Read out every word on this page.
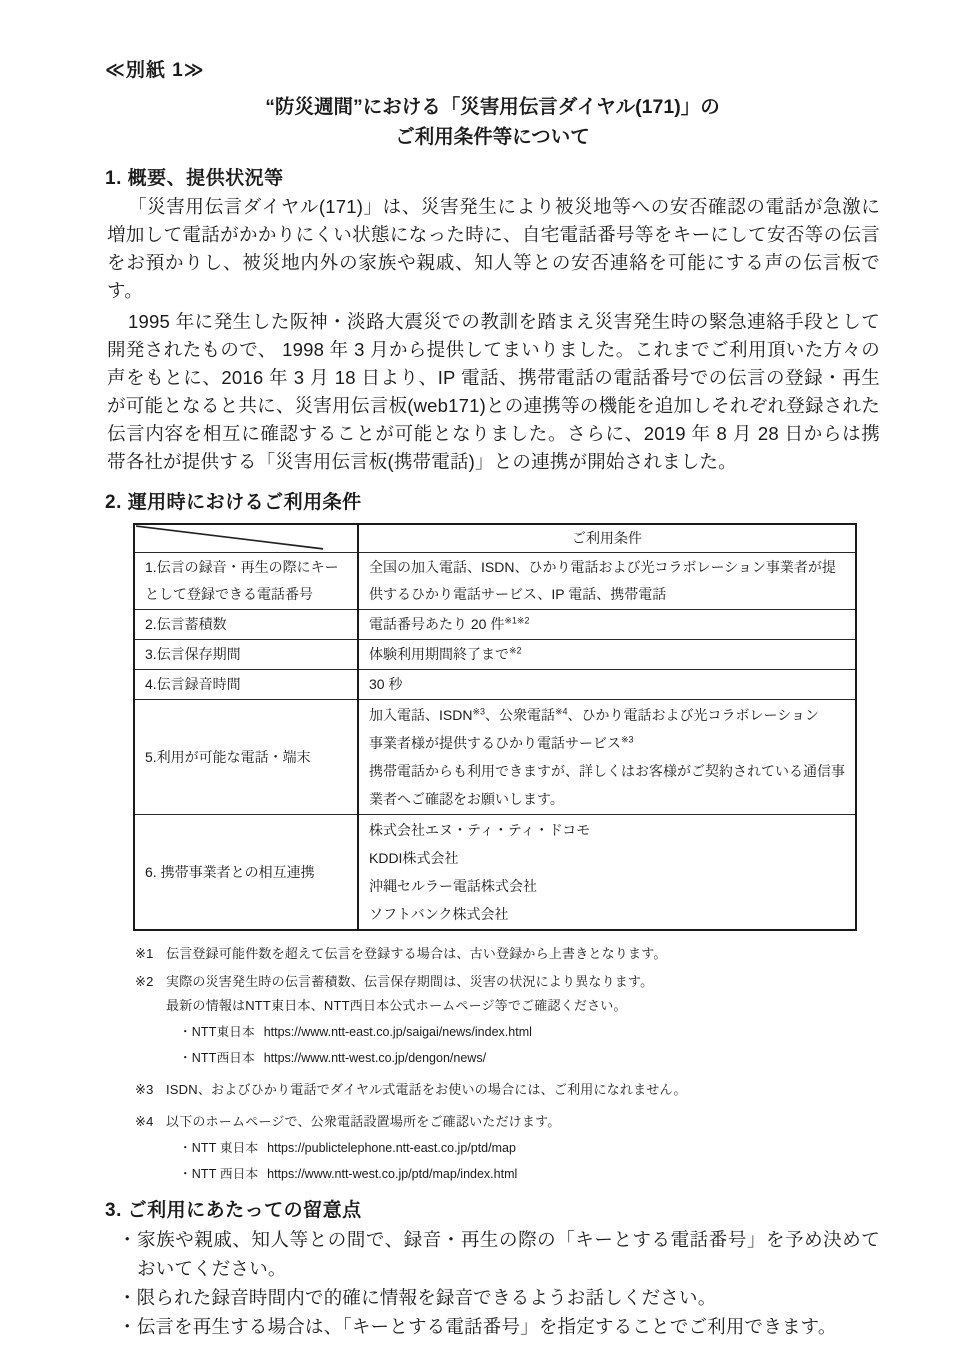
≪別紙 1≫
“防災週間”における「災害用伝言ダイヤル(171)」の
ご利用条件等について
1. 概要、提供状況等

「災害用伝言ダイヤル(171)」は、災害発生により被災地等への安否確認の電話が急激に増加して電話がかかりにくい状態になった時に、自宅電話番号等をキーにして安否等の伝言をお預かりし、被災地内外の家族や親戚、知人等との安否連絡を可能にする声の伝言板です。

1995 年に発生した阪神・淡路大震災での教訓を踏まえ災害発生時の緊急連絡手段として開発されたもので、 1998 年 3 月から提供してまいりました。これまでご利用頂いた方々の声をもとに、2016 年 3 月 18 日より、IP 電話、携帯電話の電話番号での伝言の登録・再生が可能となると共に、災害用伝言板(web171)との連携等の機能を追加しそれぞれ登録された伝言内容を相互に確認することが可能となりました。さらに、2019 年 8 月 28 日からは携帯各社が提供する「災害用伝言板(携帯電話)」との連携が開始されました。

2. 運用時におけるご利用条件
	ご利用条件
1.伝言の録音・再生の際にキーとして登録できる電話番号	全国の加入電話、ISDN、ひかり電話および光コラボレーション事業者が提供するひかり電話サービス、IP 電話、携帯電話
2.伝言蓄積数	電話番号あたり 20 件$^{※1※2}$
3.伝言保存期間	体験利用期間終了まで$^{※2}$
4.伝言録音時間	30 秒
5.利用が可能な電話・端末	加入電話、ISDN$^{※3}$、公衆電話$^{※4}$、ひかり電話および光コラボレーション
事業者様が提供するひかり電話サービス$^{※3}$
携帯電話からも利用できますが、詳しくはお客様がご契約されている通信事業者へご確認をお願いします。

6. 携帯事業者との相互連携	株式会社エヌ・ティ・ティ・ドコモ
KDDI株式会社
沖縄セルラー電話株式会社
ソフトバンク株式会社
※1 伝言登録可能件数を超えて伝言を登録する場合は、古い登録から上書きとなります。
※2 実際の災害発生時の伝言蓄積数、伝言保存期間は、災害の状況により異なります。
最新の情報はNTT東日本、NTT西日本公式ホームページ等でご確認ください。
・NTT東日本 https://www.ntt-east.co.jp/saigai/news/index.html
・NTT西日本 https://www.ntt-west.co.jp/dengon/news/
※3 ISDN、およびひかり電話でダイヤル式電話をお使いの場合には、ご利用になれません。
※4 以下のホームページで、公衆電話設置場所をご確認いただけます。
・NTT 東日本 https://publictelephone.ntt-east.co.jp/ptd/map
・NTT 西日本 https://www.ntt-west.co.jp/ptd/map/index.html
3. ご利用にあたっての留意点
・家族や親戚、知人等との間で、録音・再生の際の「キーとする電話番号」を予め決めておいてください。
・限られた録音時間内で的確に情報を録音できるようお話しください。
・伝言を再生する場合は、「キーとする電話番号」を指定することでご利用できます。
